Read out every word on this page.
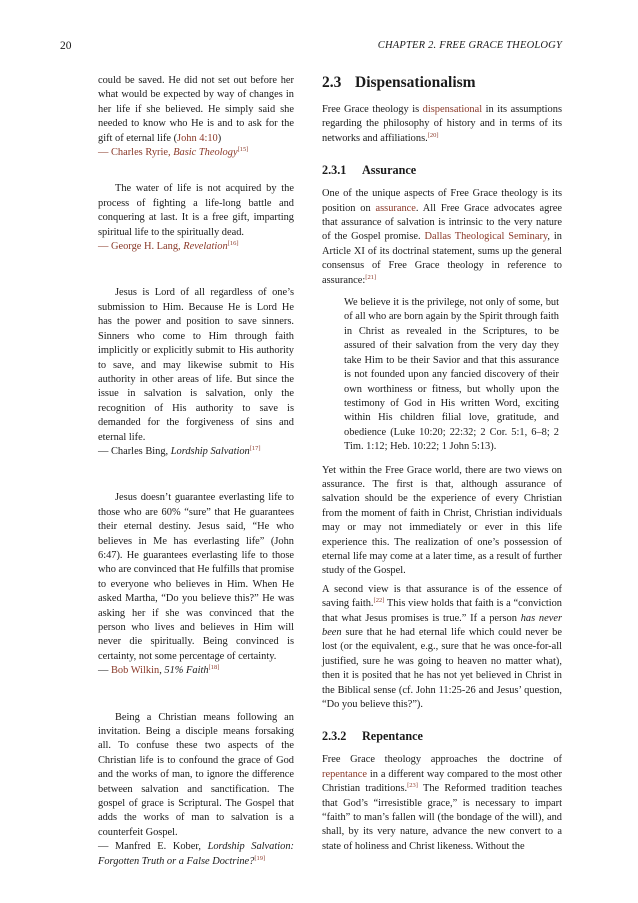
20	CHAPTER 2. FREE GRACE THEOLOGY

could be saved. He did not set out before her what would be expected by way of changes in her life if she believed. He simply said she needed to know who He is and to ask for the gift of eternal life (John 4:10)

— Charles Ryrie, Basic Theology[15]

The water of life is not acquired by the process of fighting a life-long battle and conquering at last. It is a free gift, imparting spiritual life to the spiritually dead.

— George H. Lang, Revelation[16]

Jesus is Lord of all regardless of one’s submission to Him. Because He is Lord He has the power and position to save sinners. Sinners who come to Him through faith implicitly or explicitly submit to His authority to save, and may likewise submit to His authority in other areas of life. But since the issue in salvation is salvation, only the recognition of His authority to save is demanded for the forgiveness of sins and eternal life.

— Charles Bing, Lordship Salvation[17]

Jesus doesn’t guarantee everlasting life to those who are 60% “sure” that He guarantees their eternal destiny. Jesus said, “He who believes in Me has everlasting life” (John 6:47). He guarantees everlasting life to those who are convinced that He fulfills that promise to everyone who believes in Him. When He asked Martha, “Do you believe this?” He was asking her if she was convinced that the person who lives and believes in Him will never die spiritually. Being convinced is certainty, not some percentage of certainty.

— Bob Wilkin, 51% Faith[18]

Being a Christian means following an invitation. Being a disciple means forsaking all. To confuse these two aspects of the Christian life is to confound the grace of God and the works of man, to ignore the difference between salvation and sanctification. The gospel of grace is Scriptural. The Gospel that adds the works of man to salvation is a counterfeit Gospel.

— Manfred E. Kober, Lordship Salvation: Forgotten Truth or a False Doctrine?[19]

2.3 Dispensationalism

Free Grace theology is dispensational in its assumptions regarding the philosophy of history and in terms of its networks and affiliations.[20]

2.3.1 Assurance

One of the unique aspects of Free Grace theology is its position on assurance. All Free Grace advocates agree that assurance of salvation is intrinsic to the very nature of the Gospel promise. Dallas Theological Seminary, in Article XI of its doctrinal statement, sums up the general consensus of Free Grace theology in reference to assurance:[21]

We believe it is the privilege, not only of some, but of all who are born again by the Spirit through faith in Christ as revealed in the Scriptures, to be assured of their salvation from the very day they take Him to be their Savior and that this assurance is not founded upon any fancied discovery of their own worthiness or fitness, but wholly upon the testimony of God in His written Word, exciting within His children filial love, gratitude, and obedience (Luke 10:20; 22:32; 2 Cor. 5:1, 6–8; 2 Tim. 1:12; Heb. 10:22; 1 John 5:13).

Yet within the Free Grace world, there are two views on assurance. The first is that, although assurance of salvation should be the experience of every Christian from the moment of faith in Christ, Christian individuals may or may not immediately or ever in this life experience this. The realization of one’s possession of eternal life may come at a later time, as a result of further study of the Gospel.

A second view is that assurance is of the essence of saving faith.[22] This view holds that faith is a “conviction that what Jesus promises is true.” If a person has never been sure that he had eternal life which could never be lost (or the equivalent, e.g., sure that he was once-for-all justified, sure he was going to heaven no matter what), then it is posited that he has not yet believed in Christ in the Biblical sense (cf. John 11:25-26 and Jesus’ question, “Do you believe this?”).

2.3.2 Repentance

Free Grace theology approaches the doctrine of repentance in a different way compared to the most other Christian traditions.[23] The Reformed tradition teaches that God’s “irresistible grace,” is necessary to impart “faith” to man’s fallen will (the bondage of the will), and shall, by its very nature, advance the new convert to a state of holiness and Christ likeness. Without the
